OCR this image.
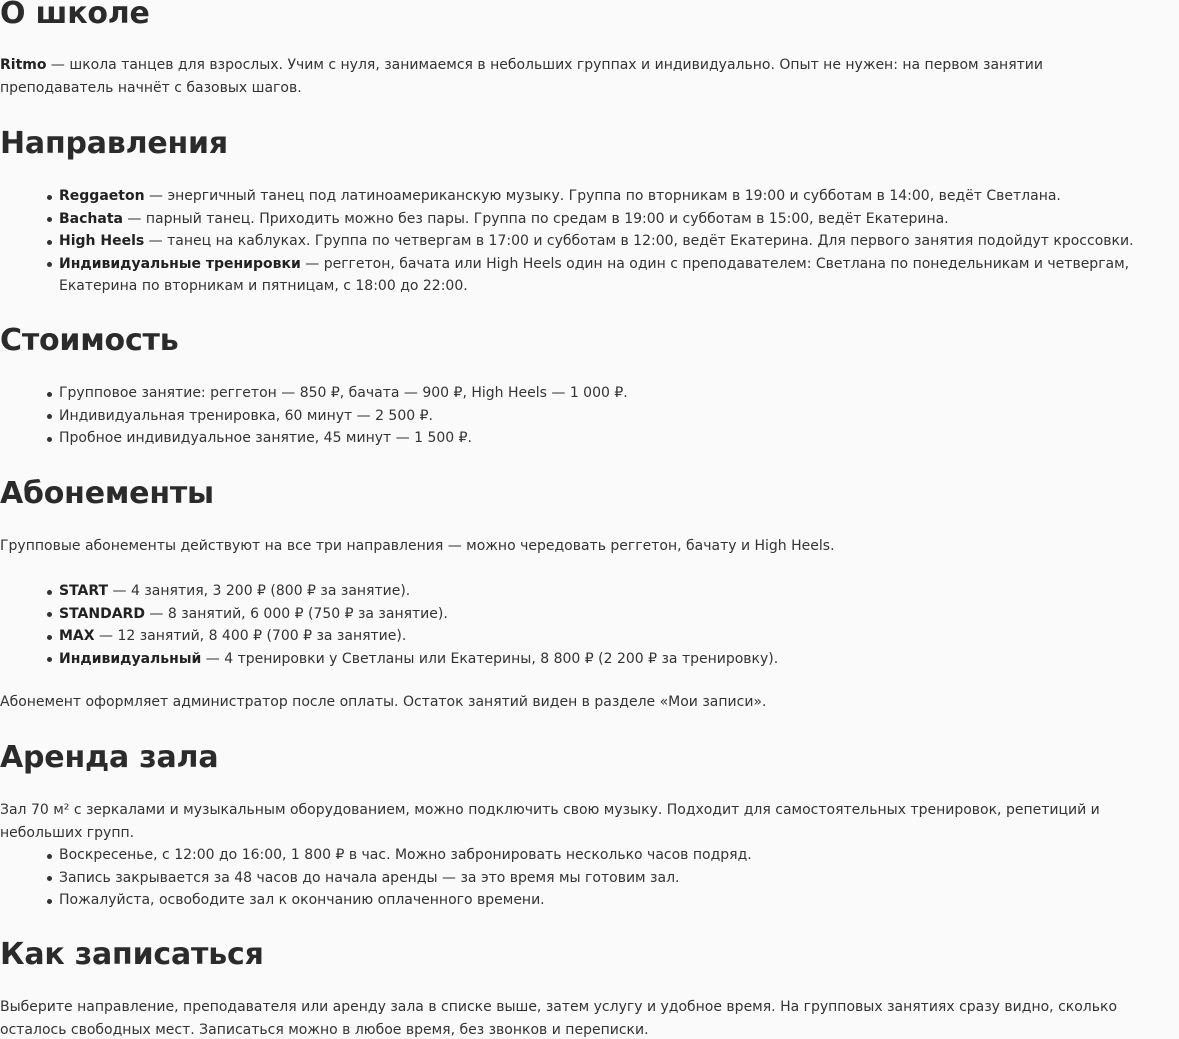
О школе

Ritmo — школа танцев для взрослых. Учим с нуля, занимаемся в небольших группах и индивидуально. Опыт не нужен: на первом занятии преподаватель начнёт с базовых шагов.

Направления
Reggaeton — энергичный танец под латиноамериканскую музыку. Группа по вторникам в 19:00 и субботам в 14:00, ведёт Светлана.
Bachata — парный танец. Приходить можно без пары. Группа по средам в 19:00 и субботам в 15:00, ведёт Екатерина.
High Heels — танец на каблуках. Группа по четвергам в 17:00 и субботам в 12:00, ведёт Екатерина. Для первого занятия подойдут кроссовки.
Индивидуальные тренировки — реггетон, бачата или High Heels один на один с преподавателем: Светлана по понедельникам и четвергам, Екатерина по вторникам и пятницам, с 18:00 до 22:00.
Стоимость
Групповое занятие: реггетон — 850 ₽, бачата — 900 ₽, High Heels — 1 000 ₽.
Индивидуальная тренировка, 60 минут — 2 500 ₽.
Пробное индивидуальное занятие, 45 минут — 1 500 ₽.
Абонементы

Групповые абонементы действуют на все три направления — можно чередовать реггетон, бачату и High Heels.

START — 4 занятия, 3 200 ₽ (800 ₽ за занятие).
STANDARD — 8 занятий, 6 000 ₽ (750 ₽ за занятие).
MAX — 12 занятий, 8 400 ₽ (700 ₽ за занятие).
Индивидуальный — 4 тренировки у Светланы или Екатерины, 8 800 ₽ (2 200 ₽ за тренировку).

Абонемент оформляет администратор после оплаты. Остаток занятий виден в разделе «Мои записи».

Аренда зала

Зал 70 м² с зеркалами и музыкальным оборудованием, можно подключить свою музыку. Подходит для самостоятельных тренировок, репетиций и небольших групп.

Воскресенье, с 12:00 до 16:00, 1 800 ₽ в час. Можно забронировать несколько часов подряд.
Запись закрывается за 48 часов до начала аренды — за это время мы готовим зал.
Пожалуйста, освободите зал к окончанию оплаченного времени.
Как записаться

Выберите направление, преподавателя или аренду зала в списке выше, затем услугу и удобное время. На групповых занятиях сразу видно, сколько осталось свободных мест. Записаться можно в любое время, без звонков и переписки.
